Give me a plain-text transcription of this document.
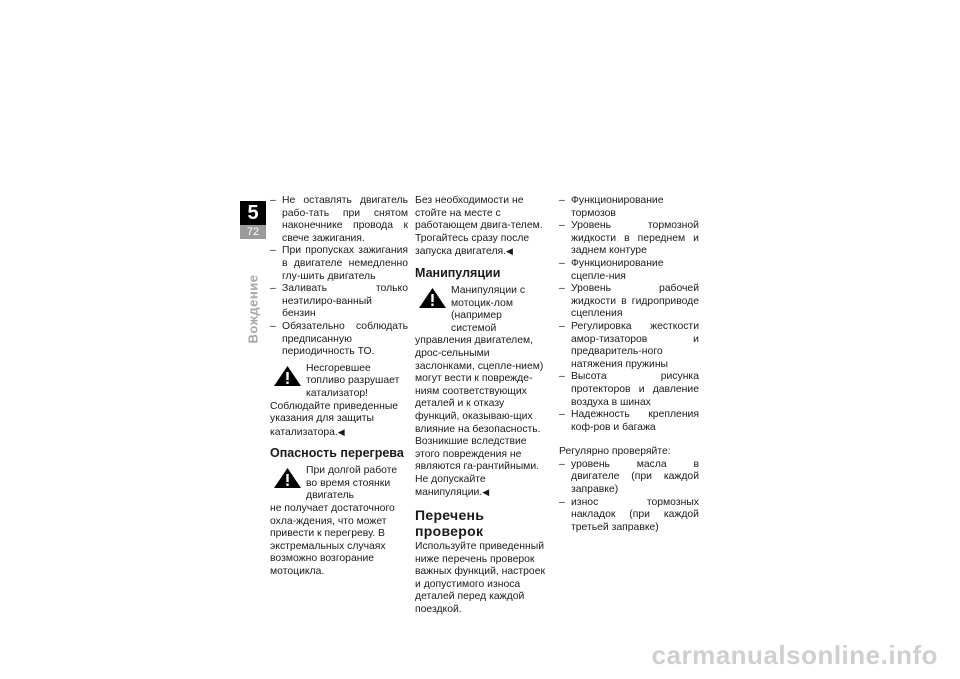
5
72
Вождение
– Не оставлять двигатель рабо-тать при снятом наконечнике провода к свече зажигания.
– При пропусках зажигания в двигателе немедленно глу-шить двигатель
– Заливать только неэтилиро-ванный бензин
– Обязательно соблюдать предписанную периодичность ТО.

Несгоревшее топливо разрушает катализатор!

Соблюдайте приведенные указания для защиты катализатора.◀

Опасность перегрева

При долгой работе во время стоянки двигатель

не получает достаточного охла-ждения, что может привести к перегреву. В экстремальных случаях возможно возгорание мотоцикла.

Без необходимости не стойте на месте с работающем двига-телем. Трогайтесь сразу после запуска двигателя.◀

Манипуляции

Манипуляции с мотоцик-лом (например системой

управления двигателем, дрос-сельными заслонками, сцепле-нием) могут вести к поврежде-ниям соответствующих деталей и к отказу функций, оказываю-щих влияние на безопасность. Возникшие вследствие этого повреждения не являются га-рантийными.

Не допускайте манипуляции.◀

Перечень проверок

Используйте приведенный ниже перечень проверок важных функций, настроек и допустимого износа деталей перед каждой поездкой.

– Функционирование тормозов
– Уровень тормозной жидкости в переднем и заднем контуре
– Функционирование сцепле-ния
– Уровень рабочей жидкости в гидроприводе сцепления
– Регулировка жесткости амор-тизаторов и предваритель-ного натяжения пружины
– Высота рисунка протекторов и давление воздуха в шинах
– Надежность крепления коф-ров и багажа

Регулярно проверяйте:

– уровень масла в двигателе (при каждой заправке)
– износ тормозных накладок (при каждой третьей заправке)
carmanualsonline.info
